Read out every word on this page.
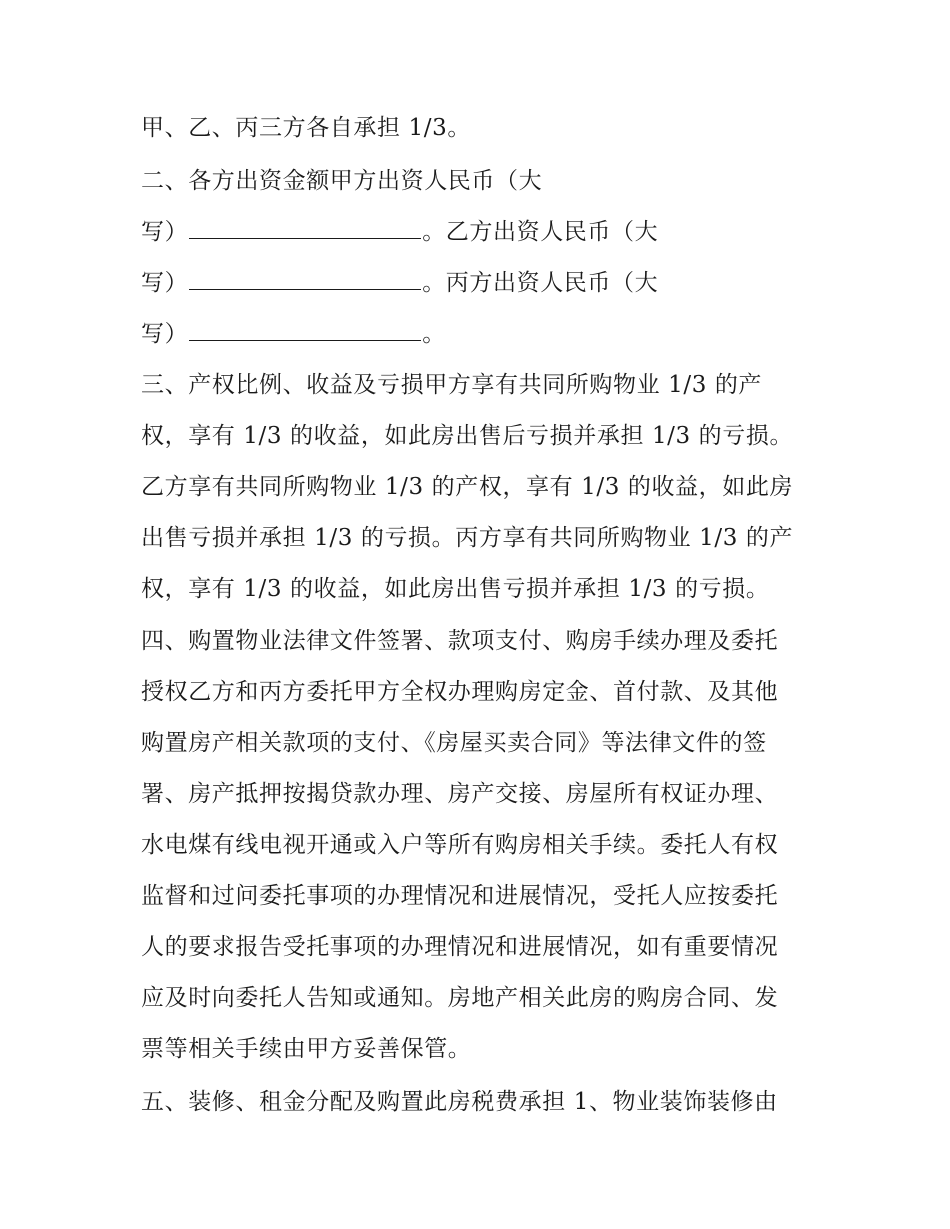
甲、乙、丙三方各自承担 1/3。
二、各方出资金额甲方出资人民币（大
写）	。乙方出资人民币（大
写）	。丙方出资人民币（大
写）	。
三、产权比例、收益及亏损甲方享有共同所购物业 1/3 的产
权，享有 1/3 的收益，如此房出售后亏损并承担 1/3 的亏损。
乙方享有共同所购物业 1/3 的产权，享有 1/3 的收益，如此房
出售亏损并承担 1/3 的亏损。丙方享有共同所购物业 1/3 的产
权，享有 1/3 的收益，如此房出售亏损并承担 1/3 的亏损。
四、购置物业法律文件签署、款项支付、购房手续办理及委托
授权乙方和丙方委托甲方全权办理购房定金、首付款、及其他
购置房产相关款项的支付、《房屋买卖合同》等法律文件的签
署、房产抵押按揭贷款办理、房产交接、房屋所有权证办理、
水电煤有线电视开通或入户等所有购房相关手续。委托人有权
监督和过问委托事项的办理情况和进展情况，受托人应按委托
人的要求报告受托事项的办理情况和进展情况，如有重要情况
应及时向委托人告知或通知。房地产相关此房的购房合同、发
票等相关手续由甲方妥善保管。
五、装修、租金分配及购置此房税费承担 1、物业装饰装修由
